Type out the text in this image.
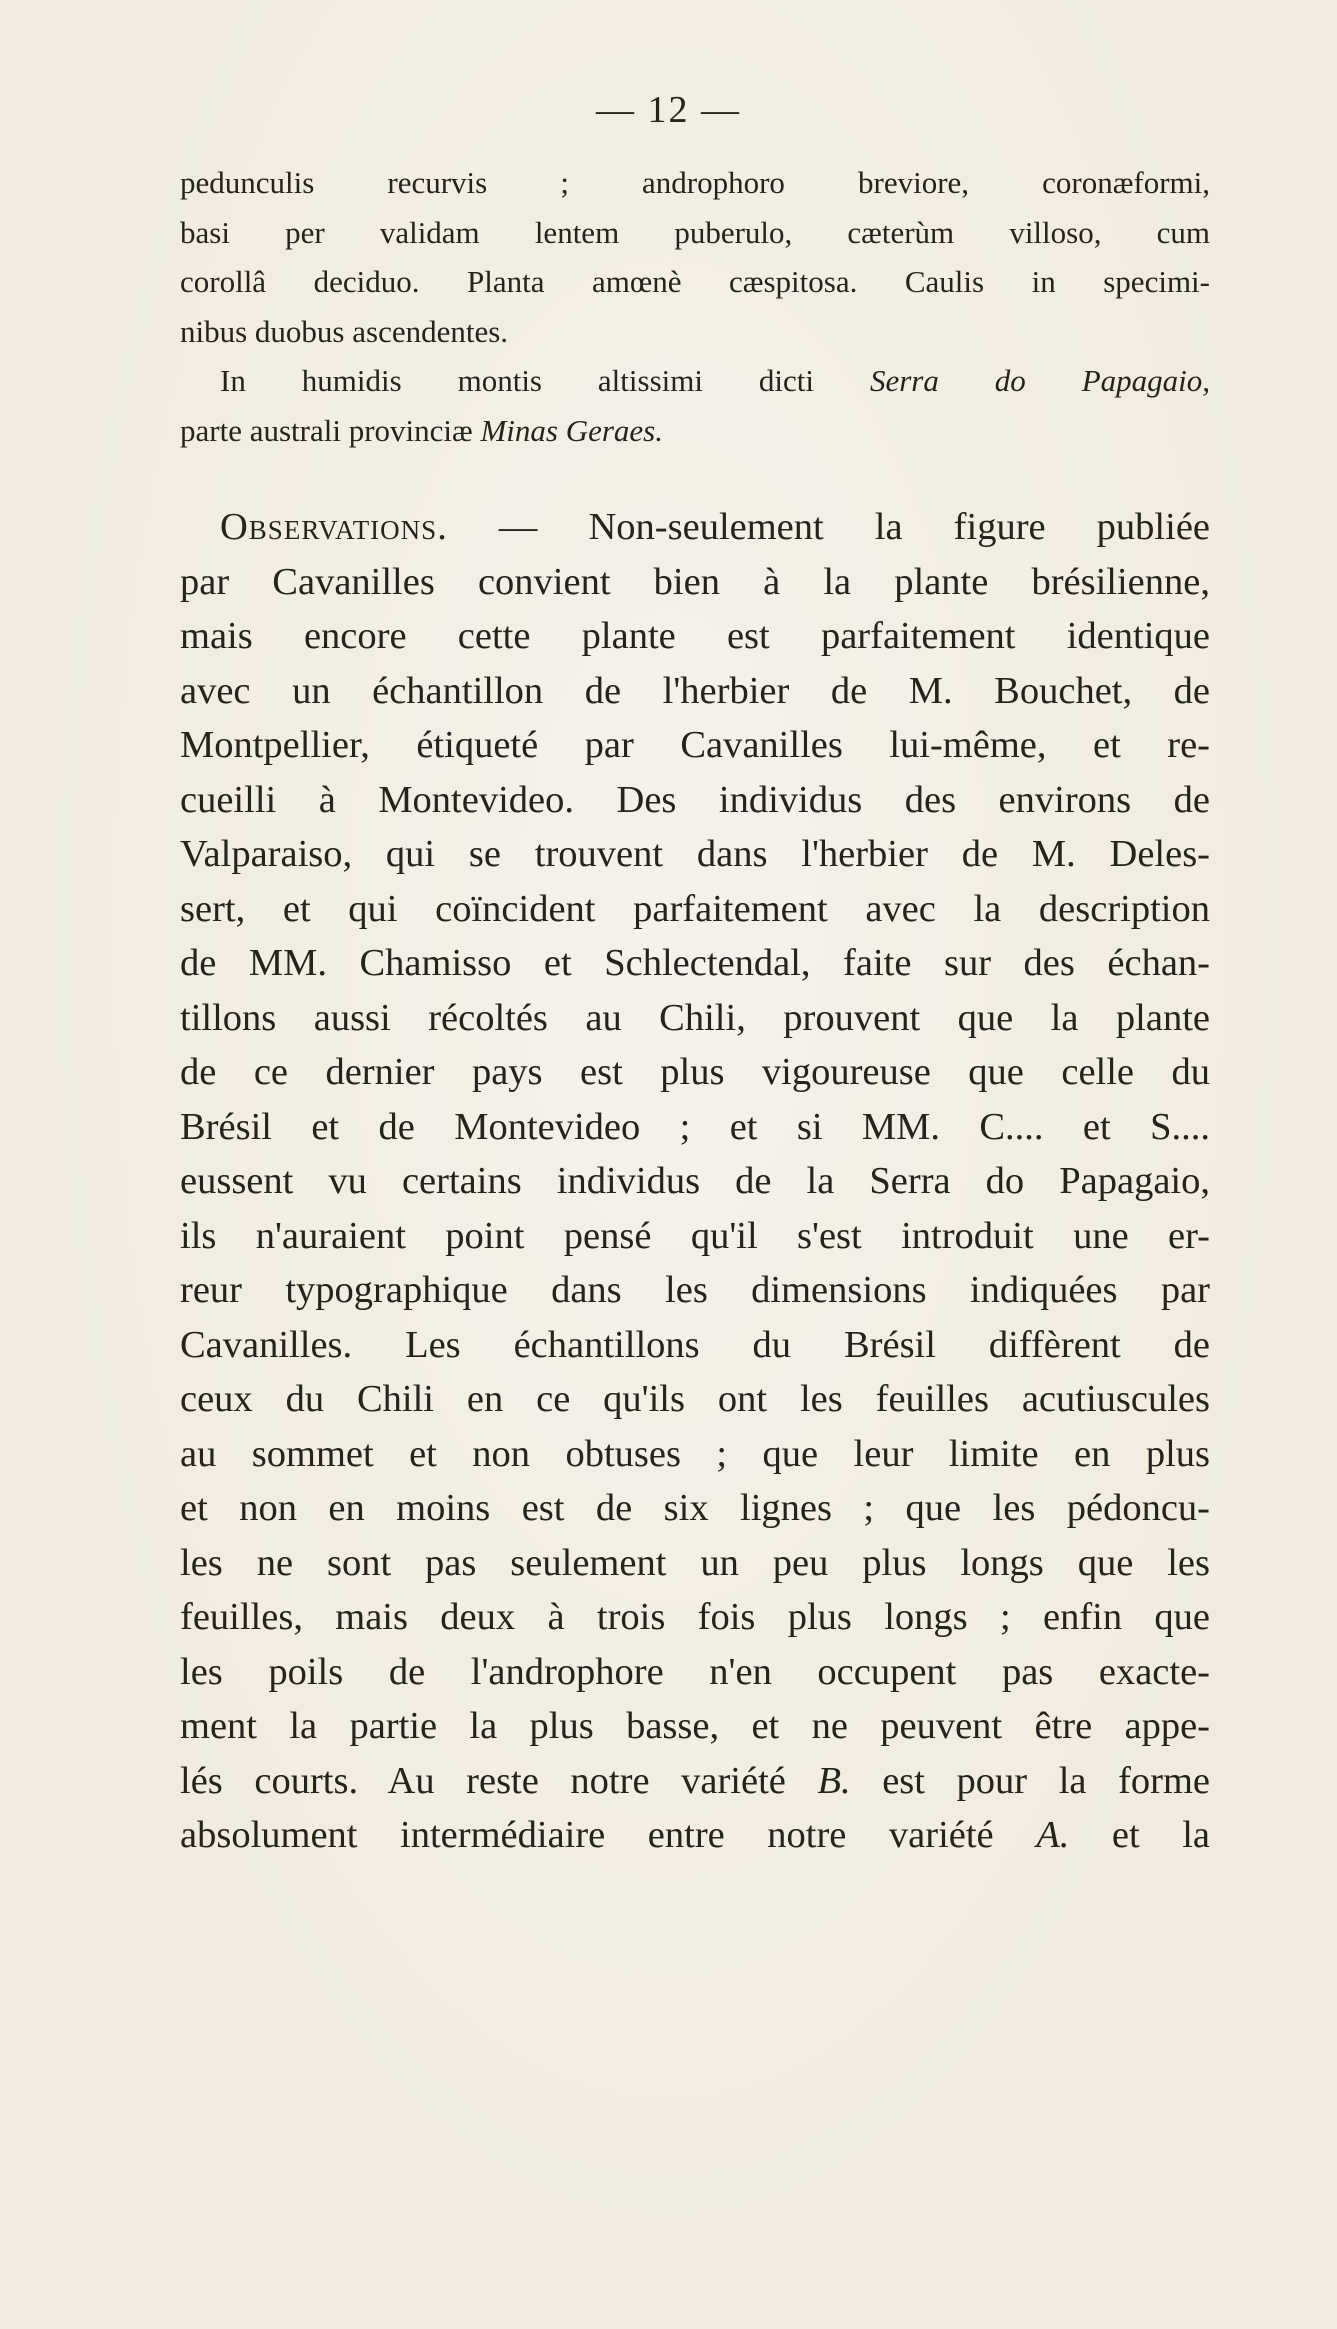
— 12 —
pedunculis recurvis ; androphoro breviore, coronæformi,
basi per validam lentem puberulo, cæterùm villoso, cum
corollâ deciduo. Planta amœnè cæspitosa. Caulis in specimi-
nibus duobus ascendentes.
In humidis montis altissimi dicti Serra do Papagaio,
parte australi provinciæ Minas Geraes.
Observations. — Non-seulement la figure publiée
par Cavanilles convient bien à la plante brésilienne,
mais encore cette plante est parfaitement identique
avec un échantillon de l'herbier de M. Bouchet, de
Montpellier, étiqueté par Cavanilles lui-même, et re-
cueilli à Montevideo. Des individus des environs de
Valparaiso, qui se trouvent dans l'herbier de M. Deles-
sert, et qui coïncident parfaitement avec la description
de MM. Chamisso et Schlectendal, faite sur des échan-
tillons aussi récoltés au Chili, prouvent que la plante
de ce dernier pays est plus vigoureuse que celle du
Brésil et de Montevideo ; et si MM. C.... et S....
eussent vu certains individus de la Serra do Papagaio,
ils n'auraient point pensé qu'il s'est introduit une er-
reur typographique dans les dimensions indiquées par
Cavanilles. Les échantillons du Brésil diffèrent de
ceux du Chili en ce qu'ils ont les feuilles acutiuscules
au sommet et non obtuses ; que leur limite en plus
et non en moins est de six lignes ; que les pédoncu-
les ne sont pas seulement un peu plus longs que les
feuilles, mais deux à trois fois plus longs ; enfin que
les poils de l'androphore n'en occupent pas exacte-
ment la partie la plus basse, et ne peuvent être appe-
lés courts. Au reste notre variété B. est pour la forme
absolument intermédiaire entre notre variété A. et la
